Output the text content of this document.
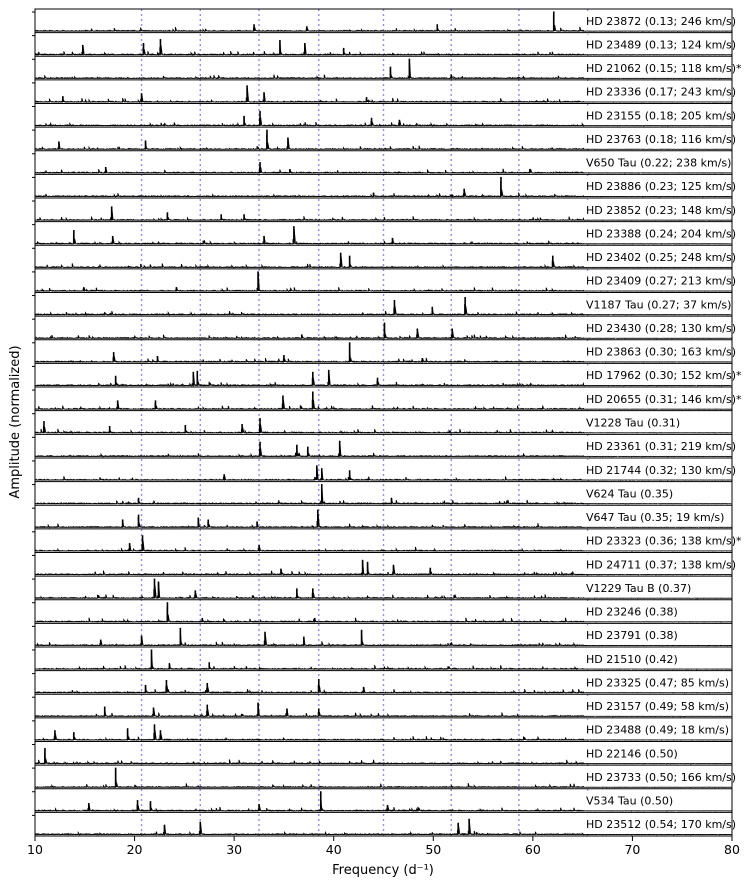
HD 23872 (0.13; 246 km/s)
HD 23489 (0.13; 124 km/s)
HD 21062 (0.15; 118 km/s)*
HD 23336 (0.17; 243 km/s)
HD 23155 (0.18; 205 km/s)
HD 23763 (0.18; 116 km/s)
V650 Tau (0.22; 238 km/s)
HD 23886 (0.23; 125 km/s)
HD 23852 (0.23; 148 km/s)
HD 23388 (0.24; 204 km/s)
HD 23402 (0.25; 248 km/s)
HD 23409 (0.27; 213 km/s)
V1187 Tau (0.27; 37 km/s)
HD 23430 (0.28; 130 km/s)
HD 23863 (0.30; 163 km/s)
HD 17962 (0.30; 152 km/s)*
HD 20655 (0.31; 146 km/s)*
V1228 Tau (0.31)
HD 23361 (0.31; 219 km/s)
HD 21744 (0.32; 130 km/s)
V624 Tau (0.35)
V647 Tau (0.35; 19 km/s)
HD 23323 (0.36; 138 km/s)*
HD 24711 (0.37; 138 km/s)
V1229 Tau B (0.37)
HD 23246 (0.38)
HD 23791 (0.38)
HD 21510 (0.42)
HD 23325 (0.47; 85 km/s)
HD 23157 (0.49; 58 km/s)
HD 23488 (0.49; 18 km/s)
HD 22146 (0.50)
HD 23733 (0.50; 166 km/s)
V534 Tau (0.50)
HD 23512 (0.54; 170 km/s)
10	20	30	40	50	60	70	80
Frequency (d⁻¹)
Amplitude (normalized)
